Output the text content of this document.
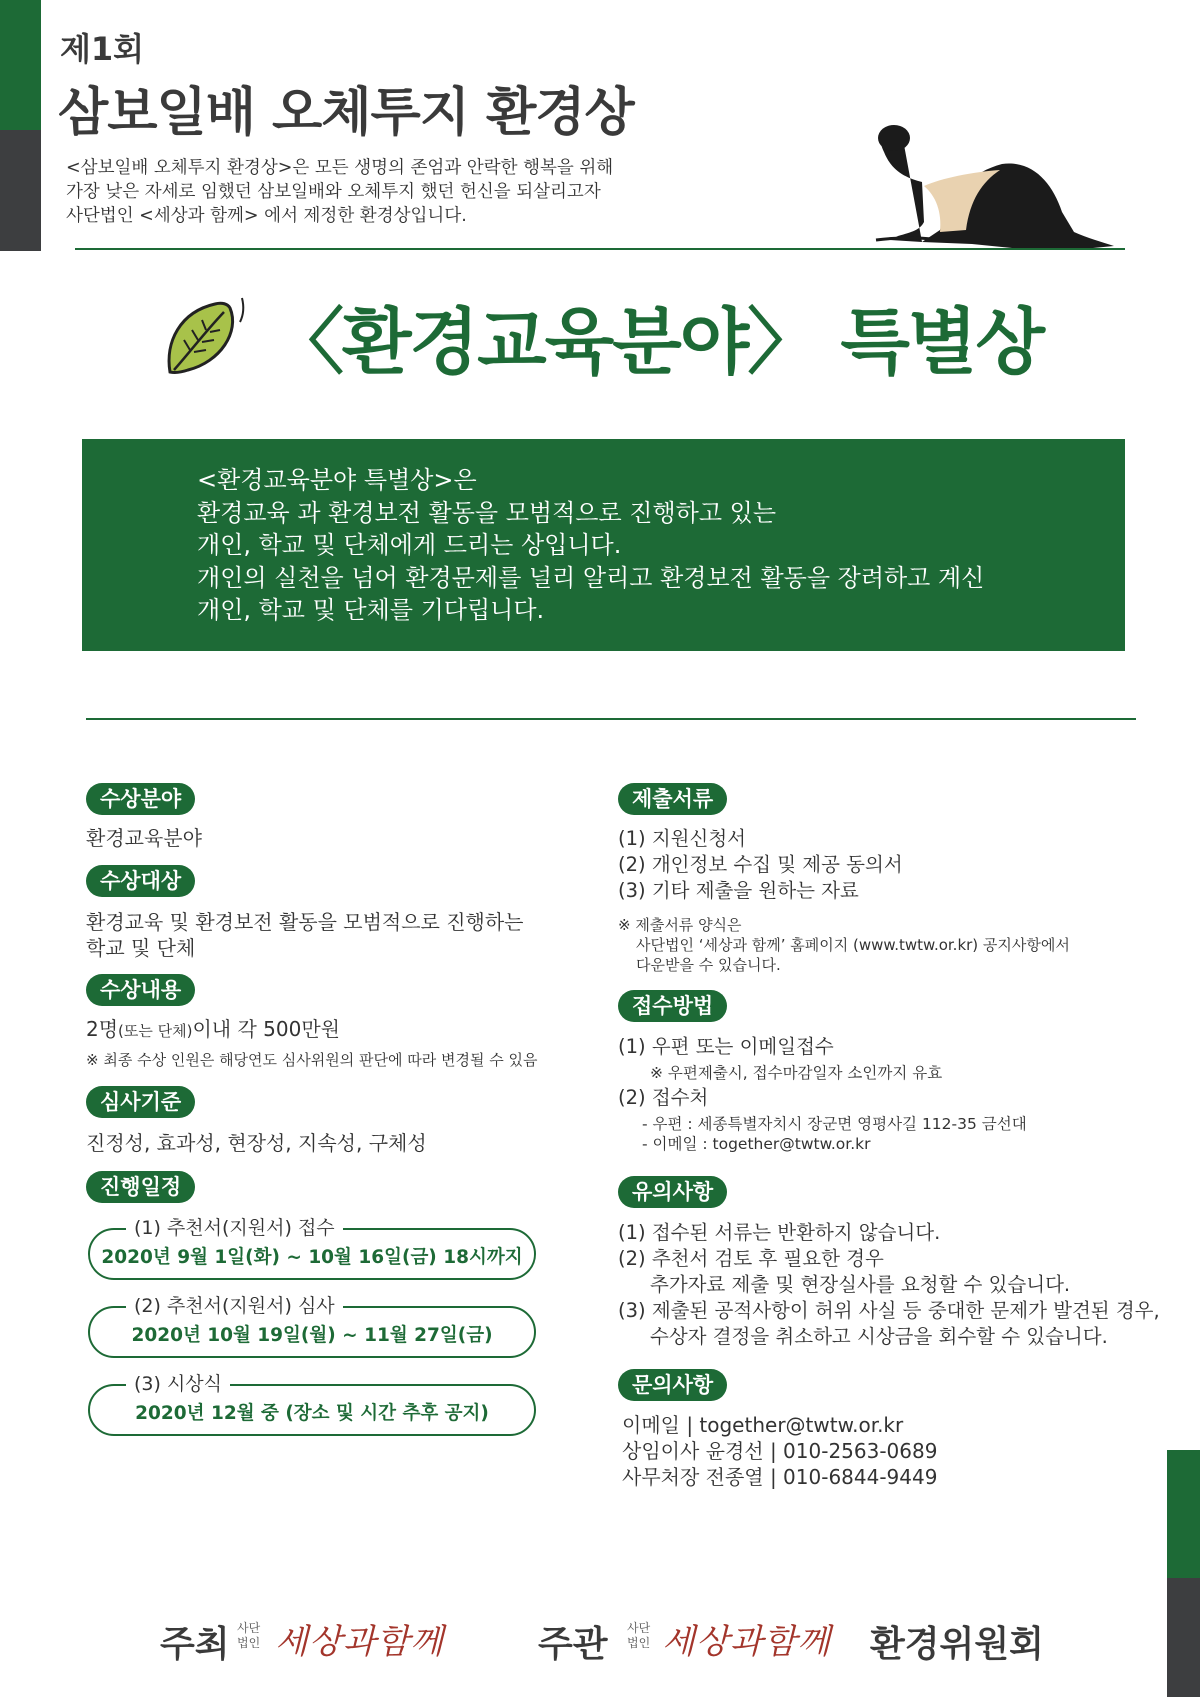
제1회
삼보일배 오체투지 환경상
<삼보일배 오체투지 환경상>은 모든 생명의 존엄과 안락한 행복을 위해
가장 낮은 자세로 임했던 삼보일배와 오체투지 했던 헌신을 되살리고자
사단법인 <세상과 함께> 에서 제정한 환경상입니다.
〈환경교육분야〉 특별상
<환경교육분야 특별상>은
환경교육 과 환경보전 활동을 모범적으로 진행하고 있는
개인, 학교 및 단체에게 드리는 상입니다.
개인의 실천을 넘어 환경문제를 널리 알리고 환경보전 활동을 장려하고 계신
개인, 학교 및 단체를 기다립니다.
수상분야
환경교육분야
수상대상
환경교육 및 환경보전 활동을 모범적으로 진행하는
학교 및 단체
수상내용
2명(또는 단체)이내 각 500만원
※ 최종 수상 인원은 해당연도 심사위원의 판단에 따라 변경될 수 있음
심사기준
진정성, 효과성, 현장성, 지속성, 구체성
진행일정
(1) 추천서(지원서) 접수
2020년 9월 1일(화) ~ 10월 16일(금) 18시까지
(2) 추천서(지원서) 심사
2020년 10월 19일(월) ~ 11월 27일(금)
(3) 시상식
2020년 12월 중 (장소 및 시간 추후 공지)
제출서류
(1) 지원신청서
(2) 개인정보 수집 및 제공 동의서
(3) 기타 제출을 원하는 자료
※ 제출서류 양식은
사단법인 ‘세상과 함께’ 홈페이지 (www.twtw.or.kr) 공지사항에서
다운받을 수 있습니다.
접수방법
(1) 우편 또는 이메일접수
※ 우편제출시, 접수마감일자 소인까지 유효
(2) 접수처
- 우편 : 세종특별자치시 장군면 영평사길 112-35 금선대
- 이메일 : together@twtw.or.kr
유의사항
(1) 접수된 서류는 반환하지 않습니다.
(2) 추천서 검토 후 필요한 경우
추가자료 제출 및 현장실사를 요청할 수 있습니다.
(3) 제출된 공적사항이 허위 사실 등 중대한 문제가 발견된 경우,
수상자 결정을 취소하고 시상금을 회수할 수 있습니다.
문의사항
이메일 | together@twtw.or.kr
상임이사 윤경선 | 010-2563-0689
사무처장 전종열 | 010-6844-9449
주최 사단
법인 세상과함께	주관 사단
법인 세상과함께 환경위원회
